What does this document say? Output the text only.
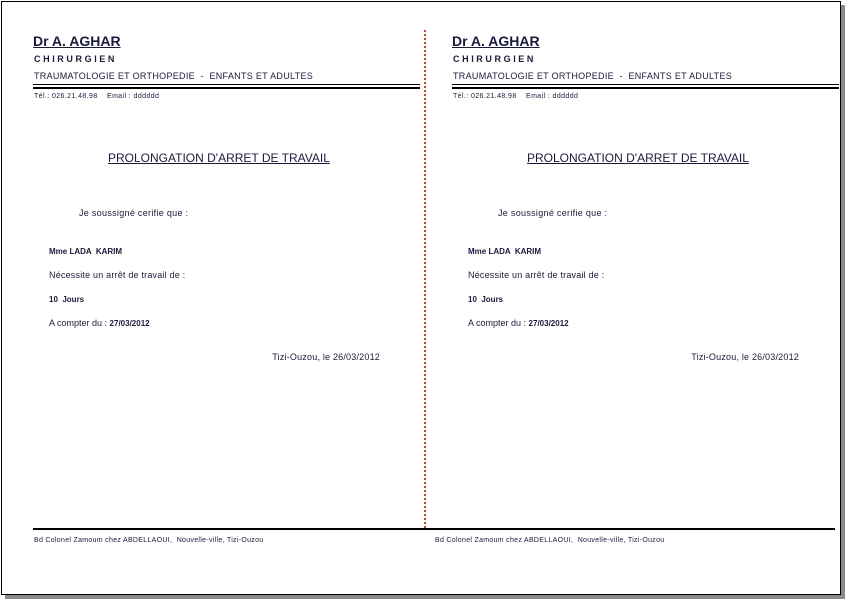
Dr A. AGHAR
CHIRURGIEN
TRAUMATOLOGIE ET ORTHOPEDIE  -  ENFANTS ET ADULTES
Tél.: 026.21.48.98    Email : dddddd
PROLONGATION D'ARRET DE TRAVAIL
Je soussigné cerifie que :
Mme LADA  KARIM
Nécessite un arrêt de travail de :
10  Jours
A compter du : 27/03/2012
Tizi-Ouzou, le 26/03/2012
Dr A. AGHAR
CHIRURGIEN
TRAUMATOLOGIE ET ORTHOPEDIE  -  ENFANTS ET ADULTES
Tél.: 026.21.48.98    Email : dddddd
PROLONGATION D'ARRET DE TRAVAIL
Je soussigné cerifie que :
Mme LADA  KARIM
Nécessite un arrêt de travail de :
10  Jours
A compter du : 27/03/2012
Tizi-Ouzou, le 26/03/2012
Bd Colonel Zamoum chez ABDELLAOUI,  Nouvelle-ville, Tizi-Ouzou	Bd Colonel Zamoum chez ABDELLAOUI,  Nouvelle-ville, Tizi-Ouzou
